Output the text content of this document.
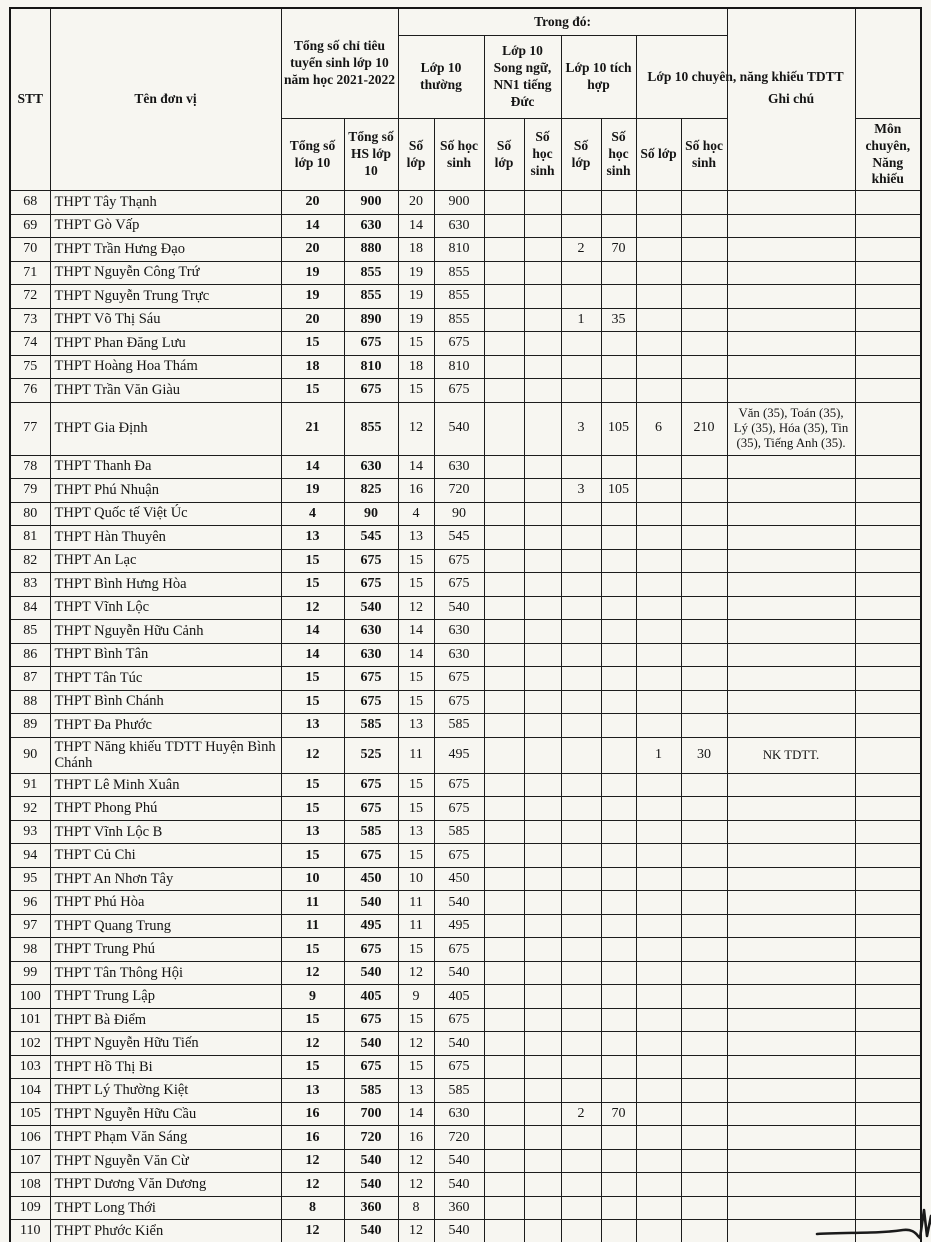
STT	Tên đơn vị	Tổng số chỉ tiêu tuyển sinh lớp 10 năm học 2021-2022		Trong đó:								Ghi chú	
				Lớp 10 thường		Lớp 10 Song ngữ, NN1 tiếng Đức		Lớp 10 tích hợp		Lớp 10 chuyên, năng khiếu TDTT			
		Tổng số lớp 10	Tổng số HS lớp 10	Số lớp	Số học sinh	Số lớp	Số học sinh	Số lớp	Số học sinh	Số lớp	Số học sinh		Môn chuyên, Năng khiếu
68	THPT Tây Thạnh	20	900	20	900								
69	THPT Gò Vấp	14	630	14	630								
70	THPT Trần Hưng Đạo	20	880	18	810			2	70				
71	THPT Nguyễn Công Trứ	19	855	19	855								
72	THPT Nguyễn Trung Trực	19	855	19	855								
73	THPT Võ Thị Sáu	20	890	19	855			1	35				
74	THPT Phan Đăng Lưu	15	675	15	675								
75	THPT Hoàng Hoa Thám	18	810	18	810								
76	THPT Trần Văn Giàu	15	675	15	675								
77	THPT Gia Định	21	855	12	540			3	105	6	210	Văn (35), Toán (35), Lý (35), Hóa (35), Tin (35), Tiếng Anh (35).	
78	THPT Thanh Đa	14	630	14	630								
79	THPT Phú Nhuận	19	825	16	720			3	105				
80	THPT Quốc tế Việt Úc	4	90	4	90								
81	THPT Hàn Thuyên	13	545	13	545								
82	THPT An Lạc	15	675	15	675								
83	THPT Bình Hưng Hòa	15	675	15	675								
84	THPT Vĩnh Lộc	12	540	12	540								
85	THPT Nguyễn Hữu Cảnh	14	630	14	630								
86	THPT Bình Tân	14	630	14	630								
87	THPT Tân Túc	15	675	15	675								
88	THPT Bình Chánh	15	675	15	675								
89	THPT Đa Phước	13	585	13	585								
90	THPT Năng khiếu TDTT Huyện Bình Chánh	12	525	11	495					1	30	NK TDTT.	
91	THPT Lê Minh Xuân	15	675	15	675								
92	THPT Phong Phú	15	675	15	675								
93	THPT Vĩnh Lộc B	13	585	13	585								
94	THPT Củ Chi	15	675	15	675								
95	THPT An Nhơn Tây	10	450	10	450								
96	THPT Phú Hòa	11	540	11	540								
97	THPT Quang Trung	11	495	11	495								
98	THPT Trung Phú	15	675	15	675								
99	THPT Tân Thông Hội	12	540	12	540								
100	THPT Trung Lập	9	405	9	405								
101	THPT Bà Điểm	15	675	15	675								
102	THPT Nguyễn Hữu Tiến	12	540	12	540								
103	THPT Hồ Thị Bi	15	675	15	675								
104	THPT Lý Thường Kiệt	13	585	13	585								
105	THPT Nguyễn Hữu Cầu	16	700	14	630			2	70				
106	THPT Phạm Văn Sáng	16	720	16	720								
107	THPT Nguyễn Văn Cừ	12	540	12	540								
108	THPT Dương Văn Dương	12	540	12	540								
109	THPT Long Thới	8	360	8	360								
110	THPT Phước Kiển	12	540	12	540								
